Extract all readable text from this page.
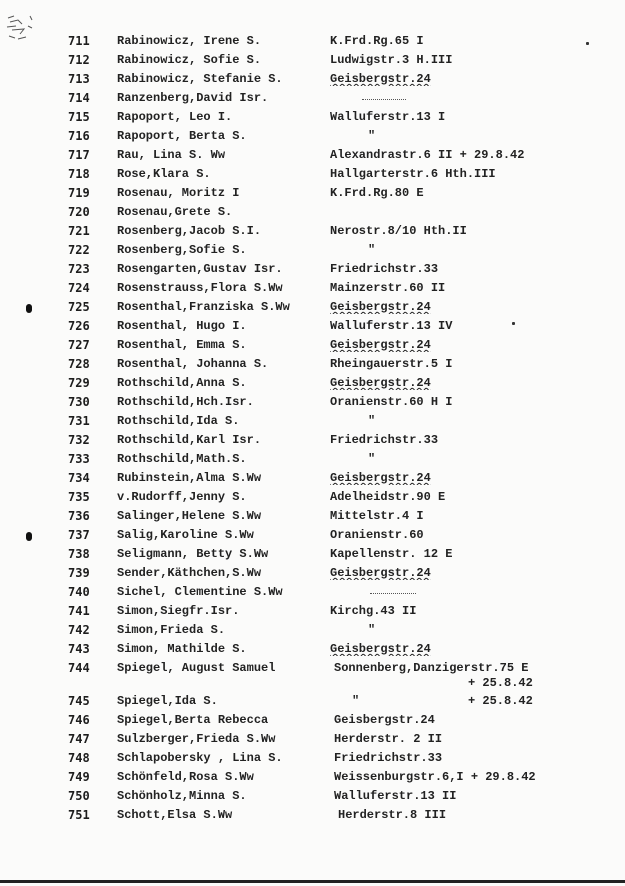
711	Rabinowicz, Irene S.	K.Frd.Rg.65 I
712	Rabinowicz, Sofie S.	Ludwigstr.3 H.III
713	Rabinowicz, Stefanie S.	Geisbergstr.24
714	Ranzenberg,David Isr.
715	Rapoport, Leo I.	Walluferstr.13 I
716	Rapoport, Berta S.	"
717	Rau, Lina S. Ww	Alexandrastr.6 II + 29.8.42
718	Rose,Klara S.	Hallgarterstr.6 Hth.III
719	Rosenau, Moritz I	K.Frd.Rg.80 E
720	Rosenau,Grete S.
721	Rosenberg,Jacob S.I.	Nerostr.8/10 Hth.II
722	Rosenberg,Sofie S.	"
723	Rosengarten,Gustav Isr.	Friedrichstr.33
724	Rosenstrauss,Flora S.Ww	Mainzerstr.60 II
725	Rosenthal,Franziska S.Ww	Geisbergstr.24
726	Rosenthal, Hugo I.	Walluferstr.13 IV
727	Rosenthal, Emma S.	Geisbergstr.24
728	Rosenthal, Johanna S.	Rheingauerstr.5 I
729	Rothschild,Anna S.	Geisbergstr.24
730	Rothschild,Hch.Isr.	Oranienstr.60 H I
731	Rothschild,Ida S.	"
732	Rothschild,Karl Isr.	Friedrichstr.33
733	Rothschild,Math.S.	"
734	Rubinstein,Alma S.Ww	Geisbergstr.24
735	v.Rudorff,Jenny S.	Adelheidstr.90 E
736	Salinger,Helene S.Ww	Mittelstr.4 I
737	Salig,Karoline S.Ww	Oranienstr.60
738	Seligmann, Betty S.Ww	Kapellenstr. 12 E
739	Sender,Käthchen,S.Ww	Geisbergstr.24
740	Sichel, Clementine S.Ww
741	Simon,Siegfr.Isr.	Kirchg.43 II
742	Simon,Frieda S.	"
743	Simon, Mathilde S.	Geisbergstr.24
744	Spiegel, August Samuel	Sonnenberg,Danzigerstr.75 E
+ 25.8.42
745	Spiegel,Ida S.	"	+ 25.8.42
746	Spiegel,Berta Rebecca	Geisbergstr.24
747	Sulzberger,Frieda S.Ww	Herderstr. 2 II
748	Schlapobersky , Lina S.	Friedrichstr.33
749	Schönfeld,Rosa S.Ww	Weissenburgstr.6,I + 29.8.42
750	Schönholz,Minna S.	Walluferstr.13 II
751	Schott,Elsa S.Ww	Herderstr.8 III
